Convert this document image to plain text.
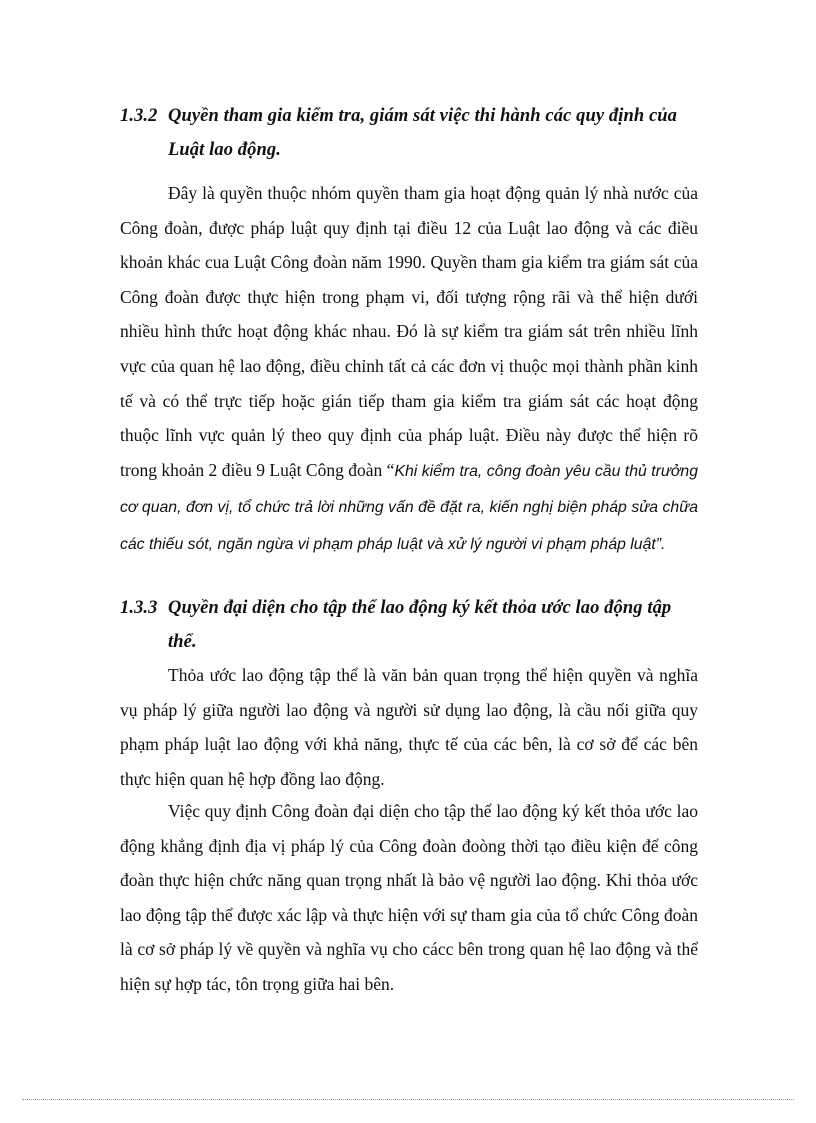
1.3.2 Quyền tham gia kiểm tra, giám sát việc thi hành các quy định của
Luật lao động.

Đây là quyền thuộc nhóm quyền tham gia hoạt động quản lý nhà nước của Công đoàn, được pháp luật quy định tại điều 12 của Luật lao động và các điều khoản khác cua Luật Công đoàn năm 1990. Quyền tham gia kiểm tra giám sát của Công đoàn được thực hiện trong phạm vi, đối tượng rộng rãi và thể hiện dưới nhiều hình thức hoạt động khác nhau. Đó là sự kiểm tra giám sát trên nhiều lĩnh vực của quan hệ lao động, điều chỉnh tất cả các đơn vị thuộc mọi thành phần kinh tế và có thể trực tiếp hoặc gián tiếp tham gia kiểm tra giám sát các hoạt động thuộc lĩnh vực quản lý theo quy định của pháp luật. Điều này được thể hiện rõ trong khoản 2 điều 9 Luật Công đoàn “Khi kiểm tra, công đoàn yêu cầu thủ trưởng cơ quan, đơn vị, tổ chức trả lời những vấn đề đặt ra, kiến nghị biện pháp sửa chữa các thiếu sót, ngăn ngừa vi phạm pháp luật và xử lý người vi phạm pháp luật”.

1.3.3 Quyền đại diện cho tập thể lao động ký kết thỏa ước lao động tập
thể.

Thỏa ước lao động tập thể là văn bản quan trọng thể hiện quyền và nghĩa vụ pháp lý giữa người lao động và người sử dụng lao động, là cầu nối giữa quy phạm pháp luật lao động với khả năng, thực tế của các bên, là cơ sở để các bên thực hiện quan hệ hợp đồng lao động.

Việc quy định Công đoàn đại diện cho tập thể lao động ký kết thỏa ước lao động khẳng định địa vị pháp lý của Công đoàn đoòng thời tạo điều kiện để công đoàn thực hiện chức năng quan trọng nhất là bảo vệ người lao động. Khi thỏa ước lao động tập thể được xác lập và thực hiện với sự tham gia của tổ chức Công đoàn là cơ sở pháp lý về quyền và nghĩa vụ cho cácc bên trong quan hệ lao động và thể hiện sự hợp tác, tôn trọng giữa hai bên.
